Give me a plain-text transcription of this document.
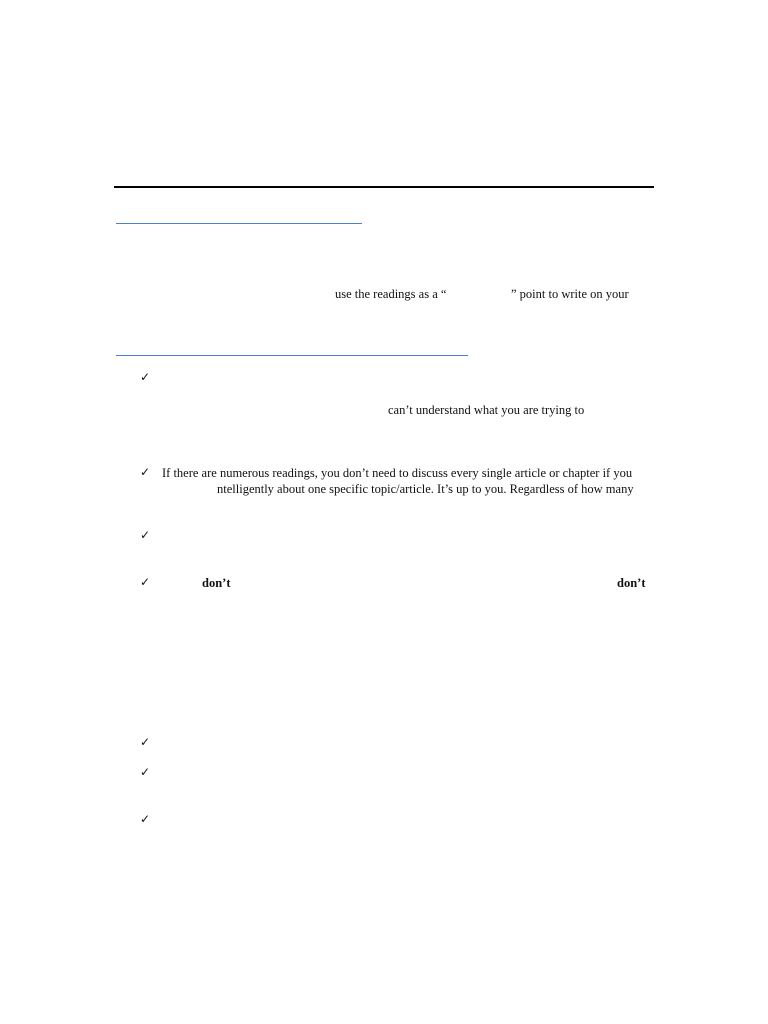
use the readings as a “	” point to write on your
✓
can’t understand what you are trying to
✓ If there are numerous readings, you don’t need to discuss every single article or chapter if you
ntelligently about one specific topic/article. It’s up to you. Regardless of how many
✓
✓	don’t	don’t
✓
✓
✓
